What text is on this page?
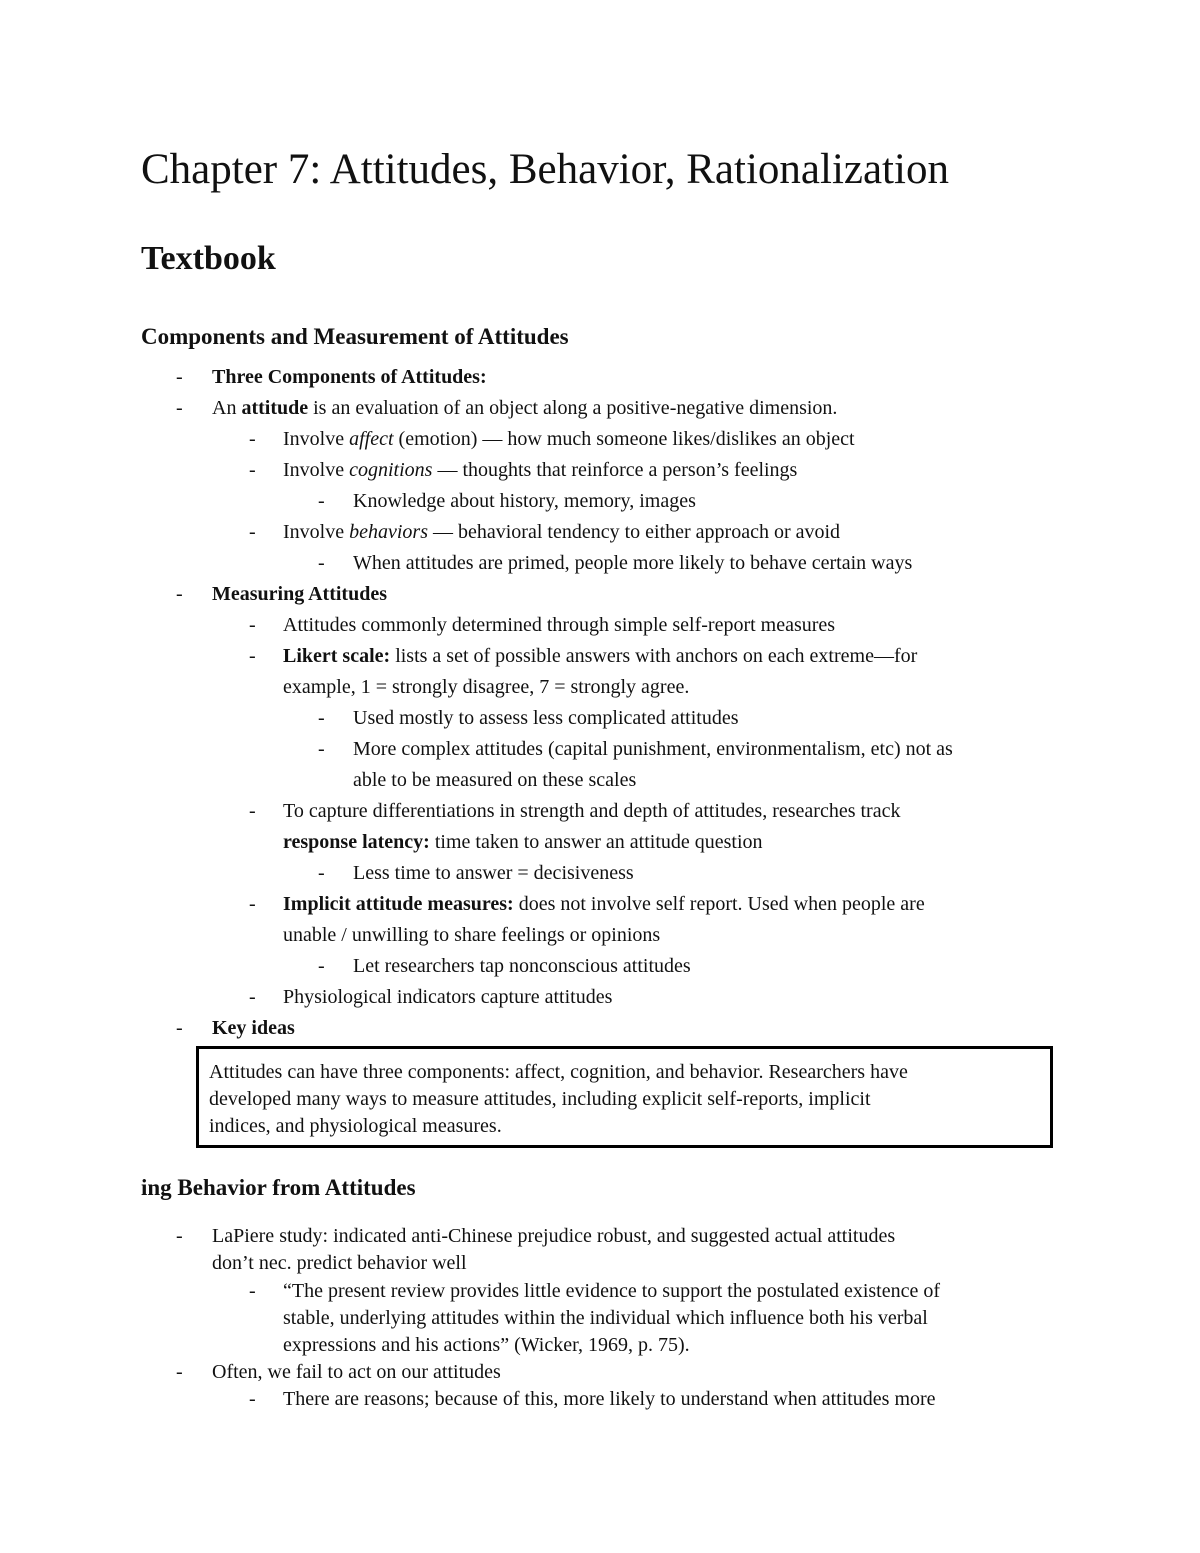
Chapter 7: Attitudes, Behavior, Rationalization
Textbook
Components and Measurement of Attitudes
- Three Components of Attitudes:
- An attitude is an evaluation of an object along a positive-negative dimension.
- Involve affect (emotion) — how much someone likes/dislikes an object
- Involve cognitions — thoughts that reinforce a person’s feelings
- Knowledge about history, memory, images
- Involve behaviors — behavioral tendency to either approach or avoid
- When attitudes are primed, people more likely to behave certain ways
- Measuring Attitudes
- Attitudes commonly determined through simple self-report measures
- Likert scale: lists a set of possible answers with anchors on each extreme—for
example, 1 = strongly disagree, 7 = strongly agree.
- Used mostly to assess less complicated attitudes
- More complex attitudes (capital punishment, environmentalism, etc) not as
able to be measured on these scales
- To capture differentiations in strength and depth of attitudes, researches track
response latency: time taken to answer an attitude question
- Less time to answer = decisiveness
- Implicit attitude measures: does not involve self report. Used when people are
unable / unwilling to share feelings or opinions
- Let researchers tap nonconscious attitudes
- Physiological indicators capture attitudes
- Key ideas
Attitudes can have three components: affect, cognition, and behavior. Researchers have
developed many ways to measure attitudes, including explicit self-reports, implicit
indices, and physiological measures.
ing Behavior from Attitudes
- LaPiere study: indicated anti-Chinese prejudice robust, and suggested actual attitudes
don’t nec. predict behavior well
- “The present review provides little evidence to support the postulated existence of
stable, underlying attitudes within the individual which influence both his verbal
expressions and his actions” (Wicker, 1969, p. 75).
- Often, we fail to act on our attitudes
- There are reasons; because of this, more likely to understand when attitudes more
